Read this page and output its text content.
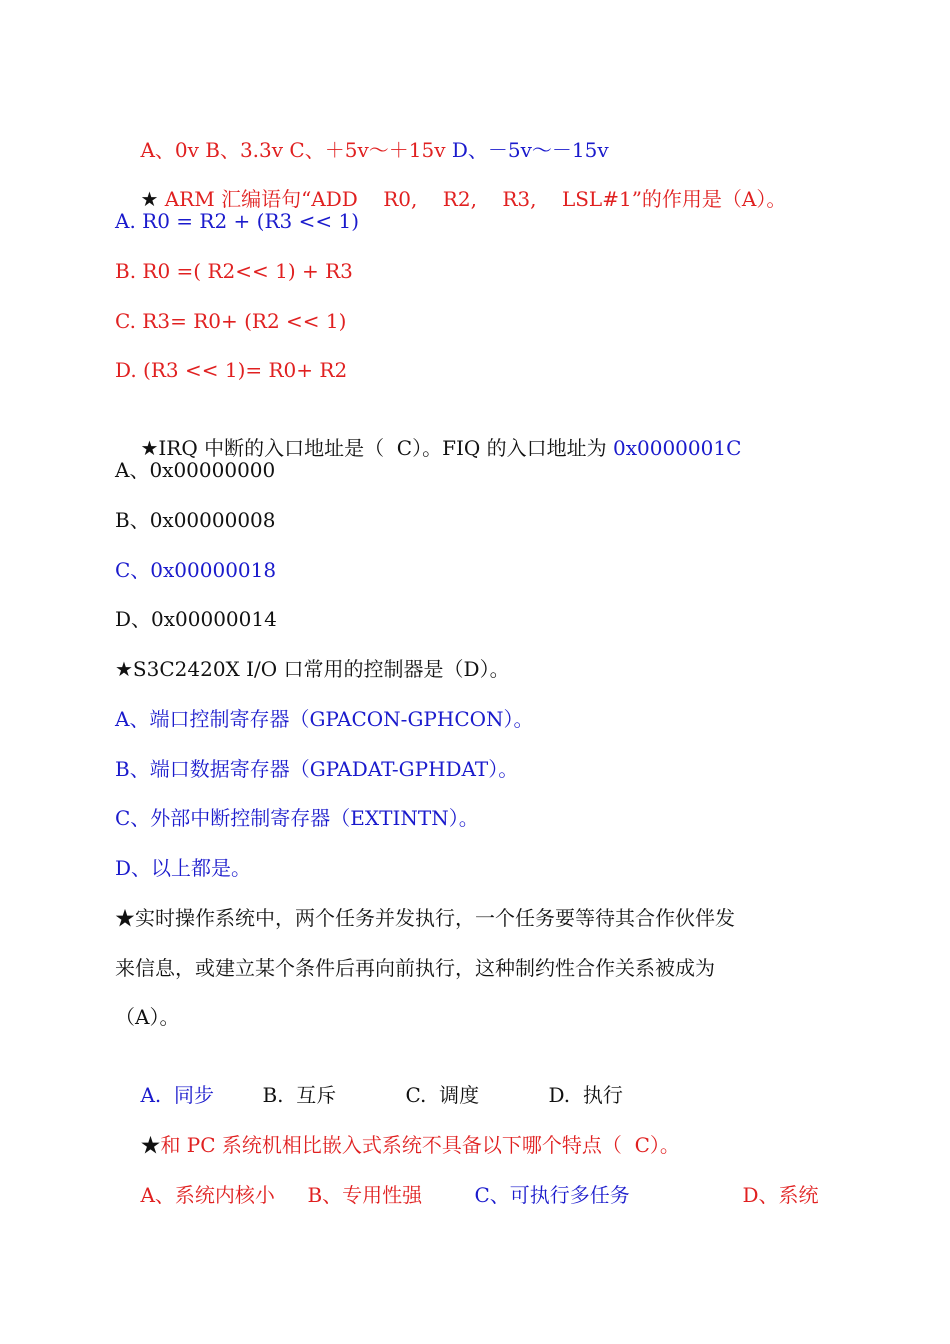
A、0v B、3.3v C、＋5v～＋15v D、－5v～－15v

★ ARM 汇编语句“ADD    R0,    R2,    R3,    LSL#1”的作用是（A）。

A. R0 = R2 + (R3 << 1)
B. R0 =( R2<< 1) + R3
C. R3= R0+ (R2 << 1)
D. (R3 << 1)= R0+ R2

★IRQ 中断的入口地址是（  C）。FIQ 的入口地址为 0x0000001C

A、0x00000000
B、0x00000008
C、0x00000018
D、0x00000014
★S3C2420X I/O 口常用的控制器是（D）。
A、端口控制寄存器（GPACON-GPHCON）。
B、端口数据寄存器（GPADAT-GPHDAT）。
C、外部中断控制寄存器（EXTINTN）。
D、以上都是。
★实时操作系统中，两个任务并发执行，一个任务要等待其合作伙伴发
来信息，或建立某个条件后再向前执行，这种制约性合作关系被成为
（A）。

A.  同步 B.  互斥	C.  调度	D.  执行

★和 PC 系统机相比嵌入式系统不具备以下哪个特点（  C）。

A、系统内核小 B、专用性强	C、可执行多任务	D、系统
